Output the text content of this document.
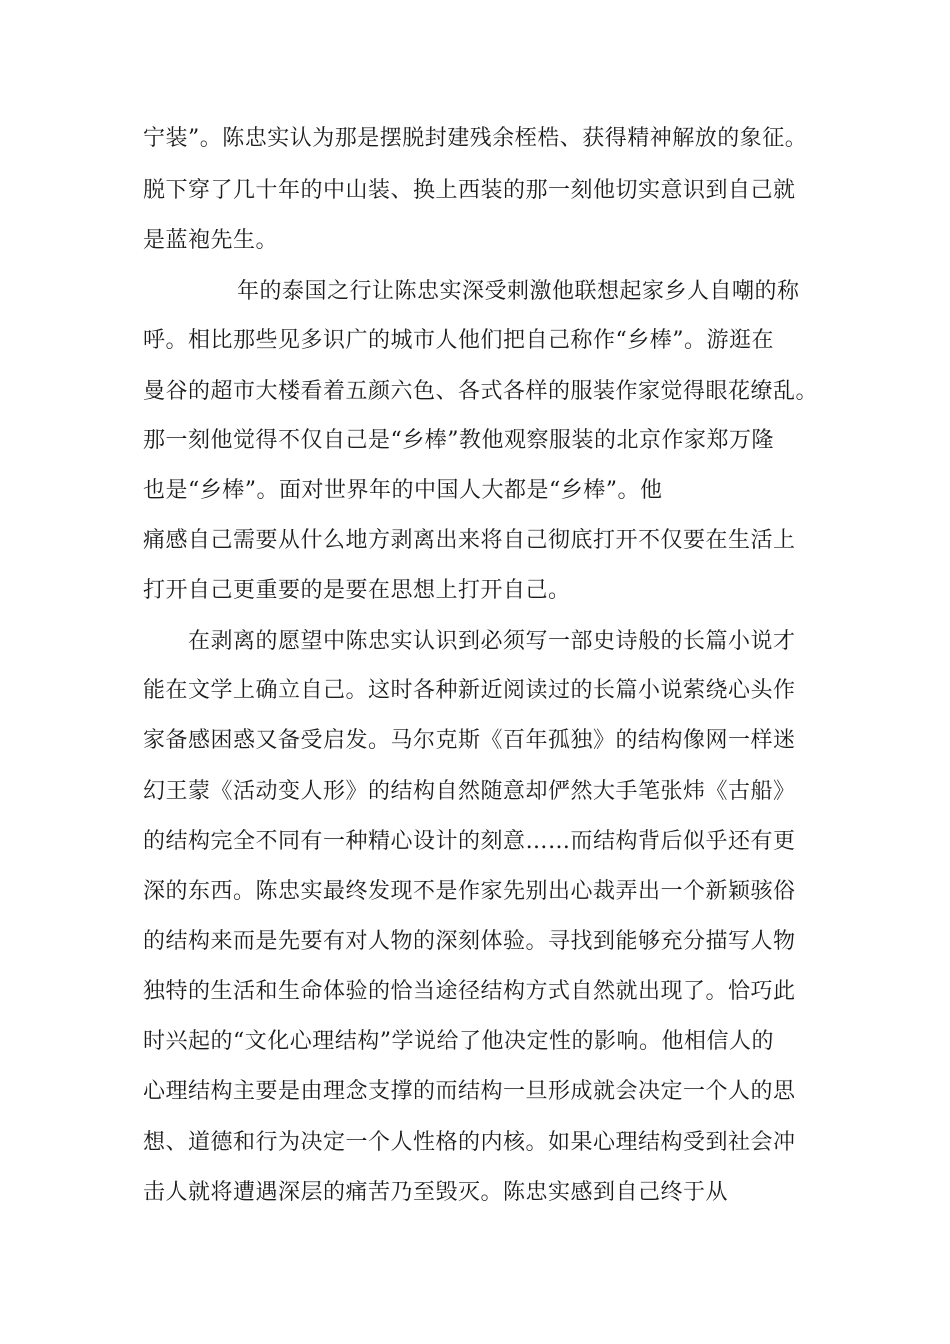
宁装”。陈忠实认为那是摆脱封建残余桎梏、获得精神解放的象征。
脱下穿了几十年的中山装、换上西装的那一刻他切实意识到自己就
是蓝袍先生。
年的泰国之行让陈忠实深受刺激他联想起家乡人自嘲的称
呼。相比那些见多识广的城市人他们把自己称作“乡棒”。游逛在
曼谷的超市大楼看着五颜六色、各式各样的服装作家觉得眼花缭乱。
那一刻他觉得不仅自己是“乡棒”教他观察服装的北京作家郑万隆
也是“乡棒”。面对世界年的中国人大都是“乡棒”。他
痛感自己需要从什么地方剥离出来将自己彻底打开不仅要在生活上
打开自己更重要的是要在思想上打开自己。
在剥离的愿望中陈忠实认识到必须写一部史诗般的长篇小说才
能在文学上确立自己。这时各种新近阅读过的长篇小说萦绕心头作
家备感困惑又备受启发。马尔克斯《百年孤独》的结构像网一样迷
幻王蒙《活动变人形》的结构自然随意却俨然大手笔张炜《古船》
的结构完全不同有一种精心设计的刻意……而结构背后似乎还有更
深的东西。陈忠实最终发现不是作家先别出心裁弄出一个新颖骇俗
的结构来而是先要有对人物的深刻体验。寻找到能够充分描写人物
独特的生活和生命体验的恰当途径结构方式自然就出现了。恰巧此
时兴起的“文化心理结构”学说给了他决定性的影响。他相信人的
心理结构主要是由理念支撑的而结构一旦形成就会决定一个人的思
想、道德和行为决定一个人性格的内核。如果心理结构受到社会冲
击人就将遭遇深层的痛苦乃至毁灭。陈忠实感到自己终于从
